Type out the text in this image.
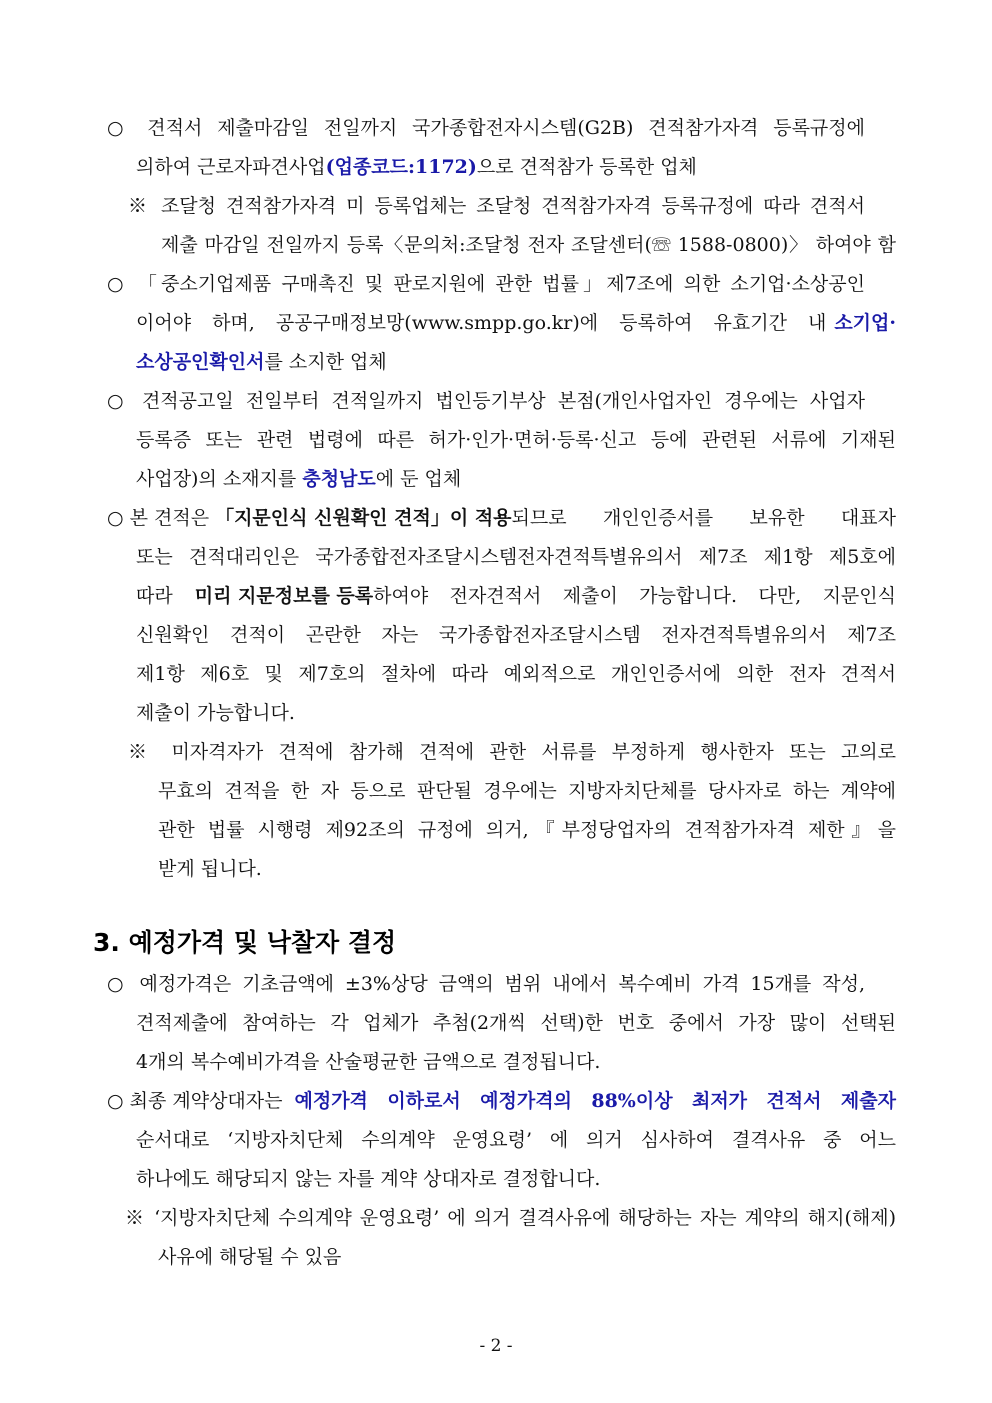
○ 견적서 제출마감일 전일까지 국가종합전자시스템(G2B) 견적참가자격 등록규정에
의하여 근로자파견사업(업종코드:1172)으로 견적참가 등록한 업체
※ 조달청 견적참가자격 미 등록업체는 조달청 견적참가자격 등록규정에 따라 견적서
제출 마감일 전일까지 등록〈문의처:조달청 전자 조달센터(☏ 1588-0800)〉 하여야 함
○ 「중소기업제품 구매촉진 및 판로지원에 관한 법률」제7조에 의한 소기업·소상공인
이어야 하며, 공공구매정보망(www.smpp.go.kr)에 등록하여 유효기간 내 소기업·
소상공인확인서를 소지한 업체
○ 견적공고일 전일부터 견적일까지 법인등기부상 본점(개인사업자인 경우에는 사업자
등록증 또는 관련 법령에 따른 허가·인가·면허·등록·신고 등에 관련된 서류에 기재된
사업장)의 소재지를 충청남도에 둔 업체
○ 본 견적은 「지문인식 신원확인 견적」이 적용 되므로 개인인증서를 보유한 대표자
또는 견적대리인은 국가종합전자조달시스템전자견적특별유의서 제7조 제1항 제5호에
따라	미리 지문정보를 등록 하여야 전자견적서 제출이 가능합니다. 다만, 지문인식
신원확인 견적이 곤란한 자는 국가종합전자조달시스템 전자견적특별유의서 제7조
제1항 제6호 및 제7호의 절차에 따라 예외적으로 개인인증서에 의한 전자 견적서
제출이 가능합니다.
※ 미자격자가 견적에 참가해 견적에 관한 서류를 부정하게 행사한자 또는 고의로
무효의 견적을 한 자 등으로 판단될 경우에는 지방자치단체를 당사자로 하는 계약에
관한 법률 시행령 제92조의 규정에 의거,『부정당업자의 견적참가자격 제한』을
받게 됩니다.
3. 예정가격 및 낙찰자 결정
○ 예정가격은 기초금액에 ±3%상당 금액의 범위 내에서 복수예비 가격 15개를 작성,
견적제출에 참여하는 각 업체가 추첨(2개씩 선택)한 번호 중에서 가장 많이 선택된
4개의 복수예비가격을 산술평균한 금액으로 결정됩니다.
○ 최종 계약상대자는 예정가격 이하로서 예정가격의 88%이상 최저가 견적서 제출자
순서대로 ‘지방자치단체 수의계약 운영요령’ 에 의거 심사하여 결격사유 중 어느
하나에도 해당되지 않는 자를 계약 상대자로 결정합니다.
※ ‘지방자치단체 수의계약 운영요령’ 에 의거 결격사유에 해당하는 자는 계약의 해지(해제)
사유에 해당될 수 있음
- 2 -
